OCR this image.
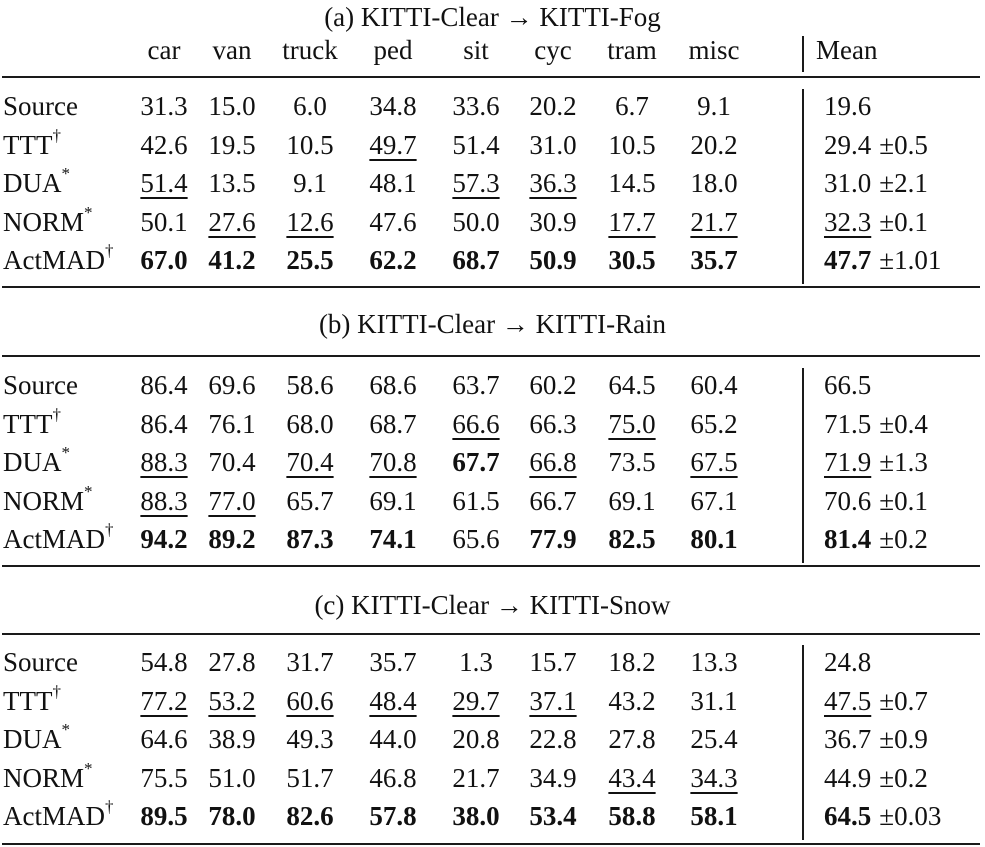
(a) KITTI-Clear → KITTI-Fog
car	van	truck	ped	sit	cyc	tram	misc	Mean
Source	31.3 15.0	6.0	34.8	33.6	20.2	6.7	9.1	19.6
TTT†	42.6 19.5	10.5	49.7	51.4	31.0	10.5	20.2	29.4 ±0.5
DUA*	51.4 13.5	9.1	48.1	57.3	36.3	14.5	18.0	31.0 ±2.1
NORM*	50.1 27.6	12.6	47.6	50.0	30.9	17.7	21.7	32.3 ±0.1
ActMAD† 67.0 41.2	25.5	62.2	68.7	50.9	30.5	35.7	47.7 ±1.01
(b) KITTI-Clear → KITTI-Rain
Source	86.4 69.6	58.6	68.6	63.7	60.2	64.5	60.4	66.5
TTT†	86.4 76.1	68.0	68.7	66.6	66.3	75.0	65.2	71.5 ±0.4
DUA*	88.3 70.4	70.4	70.8	67.7	66.8	73.5	67.5	71.9 ±1.3
NORM*	88.3 77.0	65.7	69.1	61.5	66.7	69.1	67.1	70.6 ±0.1
ActMAD† 94.2 89.2	87.3	74.1	65.6	77.9	82.5	80.1	81.4 ±0.2
(c) KITTI-Clear → KITTI-Snow
Source	54.8 27.8	31.7	35.7	1.3	15.7	18.2	13.3	24.8
TTT†	77.2 53.2	60.6	48.4	29.7	37.1	43.2	31.1	47.5 ±0.7
DUA*	64.6 38.9	49.3	44.0	20.8	22.8	27.8	25.4	36.7 ±0.9
NORM*	75.5 51.0	51.7	46.8	21.7	34.9	43.4	34.3	44.9 ±0.2
ActMAD† 89.5 78.0	82.6	57.8	38.0	53.4	58.8	58.1	64.5 ±0.03
